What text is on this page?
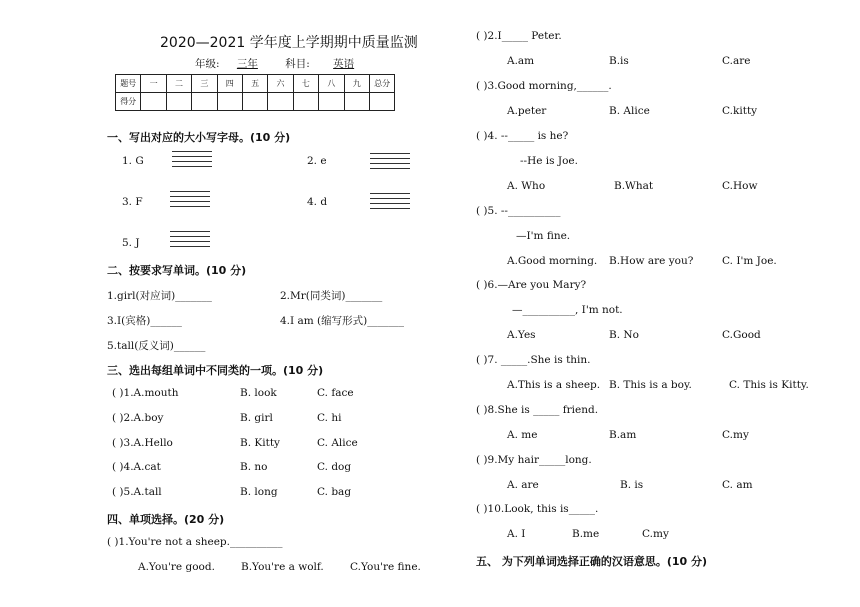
2020—2021 学年度上学期期中质量监测
年级: 三年	科目: 英语
题号	一	二	三	四	五	六	七	八	九	总分
得分										
一、写出对应的大小写字母。(10 分)
1. G	2. e
3. F	4. d
5. J
二、按要求写单词。(10 分)
1.girl(对应词)_______	2.Mr(同类词)_______
3.I(宾格)______	4.I am (缩写形式)_______
5.tall(反义词)______
三、选出每组单词中不同类的一项。(10 分)
( )1.A.mouth	B. look	C. face
( )2.A.boy	B. girl	C. hi
( )3.A.Hello	B. Kitty	C. Alice
( )4.A.cat	B. no	C. dog
( )5.A.tall	B. long	C. bag
四、单项选择。(20 分)
( )1.You're not a sheep.__________
A.You're good. B.You're a wolf.	C.You're fine.
( )2.I_____ Peter.
A.am	B.is	C.are
( )3.Good morning,______.
A.peter	B. Alice	C.kitty
( )4. --_____ is he?
--He is Joe.
A. Who	B.What	C.How
( )5. --__________
—I'm fine.
A.Good morning. B.How are you?	C. I'm Joe.
( )6.—Are you Mary?
—__________, I'm not.
A.Yes	B. No	C.Good
( )7. _____.She is thin.
A.This is a sheep. B. This is a boy.	C. This is Kitty.
( )8.She is _____ friend.
A. me	B.am	C.my
( )9.My hair_____long.
A. are	B. is	C. am
( )10.Look, this is_____.
A. I	B.me	C.my
五、 为下列单词选择正确的汉语意思。(10 分)
